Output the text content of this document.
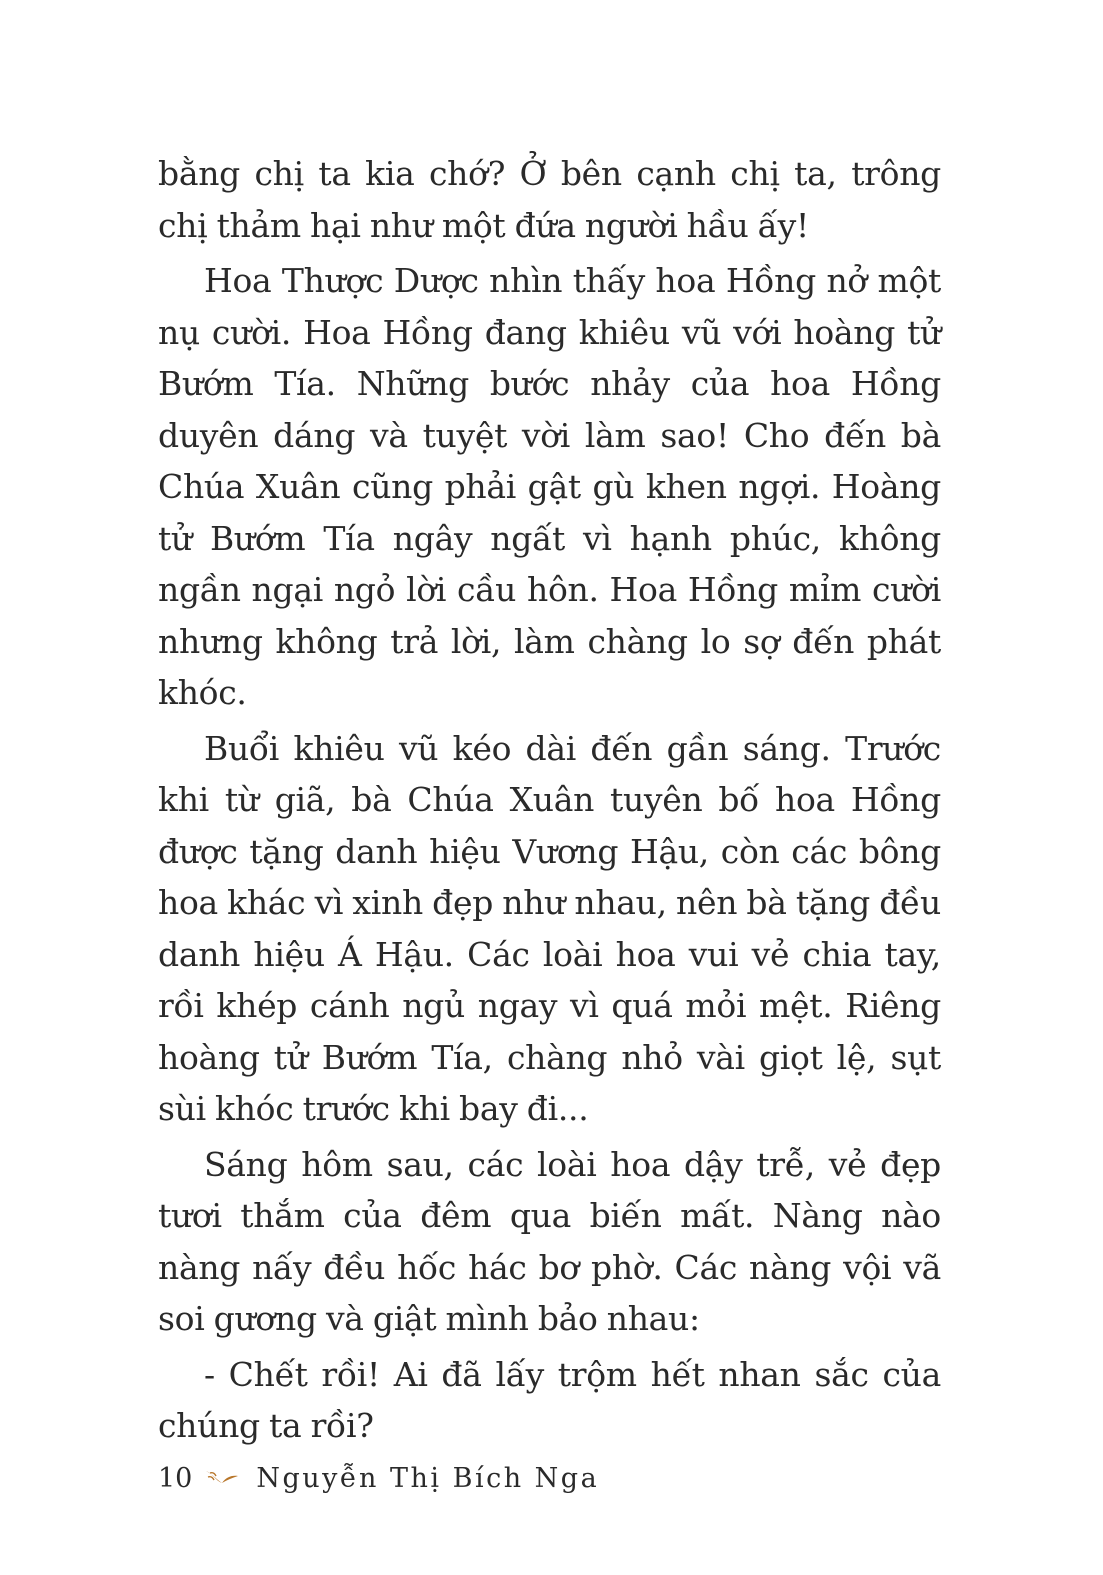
bằng chị ta kia chớ? Ở bên cạnh chị ta, trông chị thảm hại như một đứa người hầu ấy!

Hoa Thược Dược nhìn thấy hoa Hồng nở một nụ cười. Hoa Hồng đang khiêu vũ với hoàng tử Bướm Tía. Những bước nhảy của hoa Hồng duyên dáng và tuyệt vời làm sao! Cho đến bà Chúa Xuân cũng phải gật gù khen ngợi. Hoàng tử Bướm Tía ngây ngất vì hạnh phúc, không ngần ngại ngỏ lời cầu hôn. Hoa Hồng mỉm cười nhưng không trả lời, làm chàng lo sợ đến phát khóc.

Buổi khiêu vũ kéo dài đến gần sáng. Trước khi từ giã, bà Chúa Xuân tuyên bố hoa Hồng được tặng danh hiệu Vương Hậu, còn các bông hoa khác vì xinh đẹp như nhau, nên bà tặng đều danh hiệu Á Hậu. Các loài hoa vui vẻ chia tay, rồi khép cánh ngủ ngay vì quá mỏi mệt. Riêng hoàng tử Bướm Tía, chàng nhỏ vài giọt lệ, sụt sùi khóc trước khi bay đi...

Sáng hôm sau, các loài hoa dậy trễ, vẻ đẹp tươi thắm của đêm qua biến mất. Nàng nào nàng nấy đều hốc hác bơ phờ. Các nàng vội vã soi gương và giật mình bảo nhau:

- Chết rồi! Ai đã lấy trộm hết nhan sắc của chúng ta rồi?

10 Nguyễn Thị Bích Nga
